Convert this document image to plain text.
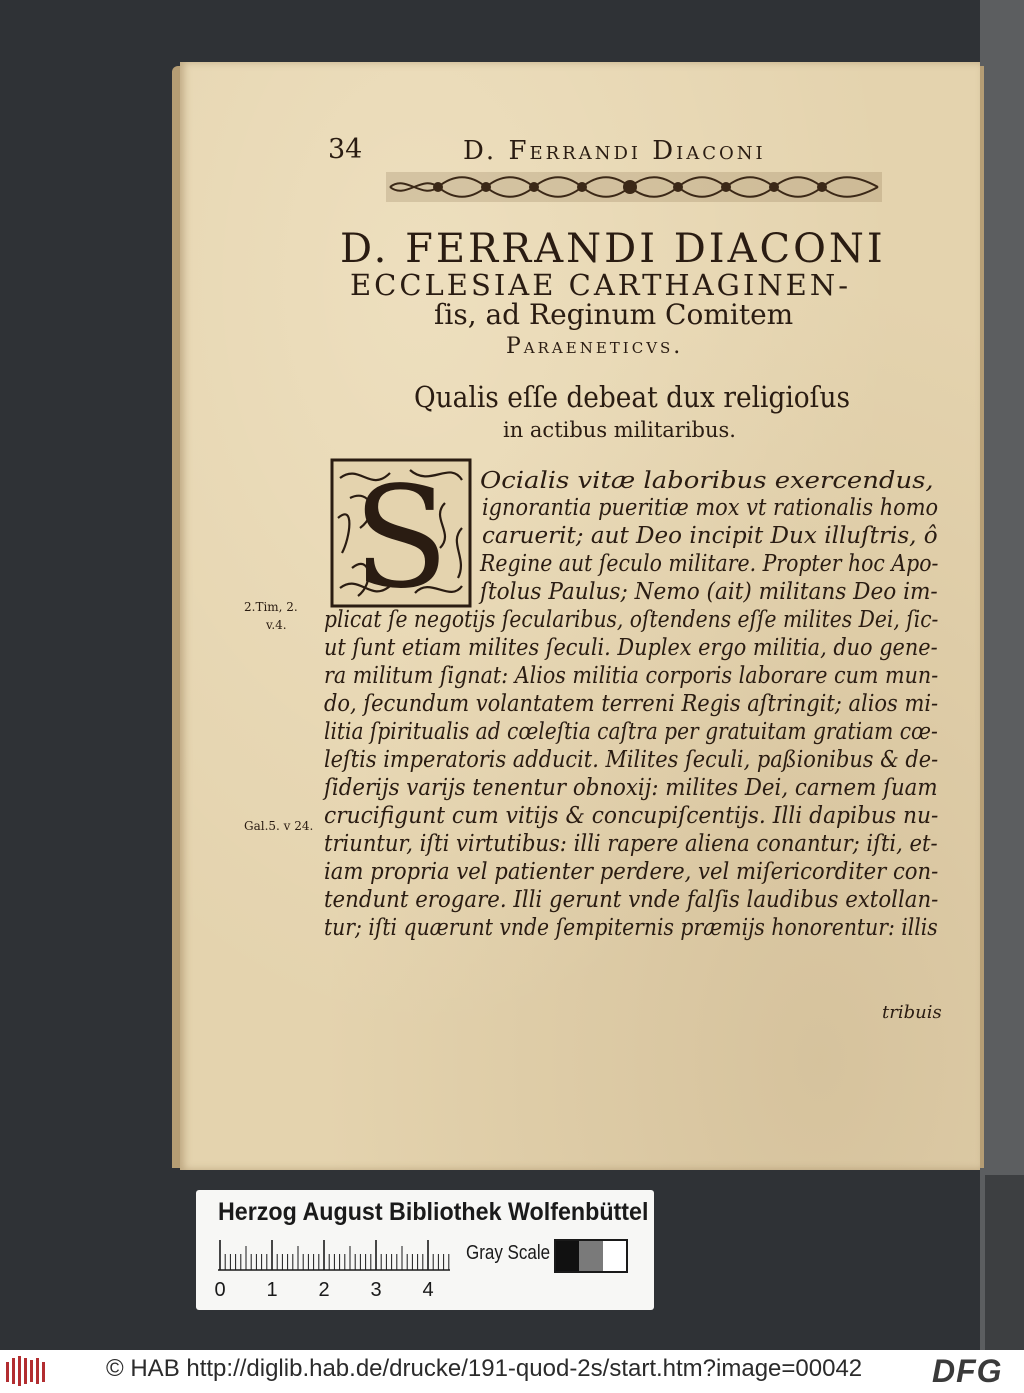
34	D. Ferrandi Diaconi
D. FERRANDI DIACONI
ECCLESIAE CARTHAGINEN-
ſis, ad Reginum Comitem
Paraeneticvs.
Qualis eſſe debeat dux religioſus
in actibus militaribus.
S Ocialis vitæ laboribus exercendus,
ignorantia pueritiæ mox vt rationalis homo
caruerit; aut Deo incipit Dux illuſtris, ô
Regine aut ſeculo militare. Propter hoc Apo-
ſtolus Paulus; Nemo (ait) militans Deo im-
plicat ſe negotijs ſecularibus, oſtendens eſſe milites Dei, ſic-
ut ſunt etiam milites ſeculi. Duplex ergo militia, duo gene-
ra militum ſignat: Alios militia corporis laborare cum mun-
do, ſecundum volantatem terreni Regis aſtringit; alios mi-
litia ſpiritualis ad cœleſtia caſtra per gratuitam gratiam cœ-
leſtis imperatoris adducit. Milites ſeculi, paßionibus & de-
ſiderijs varijs tenentur obnoxij: milites Dei, carnem ſuam
crucifigunt cum vitijs & concupiſcentijs. Illi dapibus nu-
triuntur, iſti virtutibus: illi rapere aliena conantur; iſti, et-
iam propria vel patienter perdere, vel miſericorditer con-
tendunt erogare. Illi gerunt vnde falſis laudibus extollan-
tur; iſti quærunt vnde ſempiternis præmijs honorentur: illis
2.Tim, 2.
v.4.
Gal.5. v 24.
tribuis
Herzog August Bibliothek Wolfenbüttel
0 1 2 3 4
Gray Scale
© HAB http://diglib.hab.de/drucke/191-quod-2s/start.htm?image=00042 DFG
